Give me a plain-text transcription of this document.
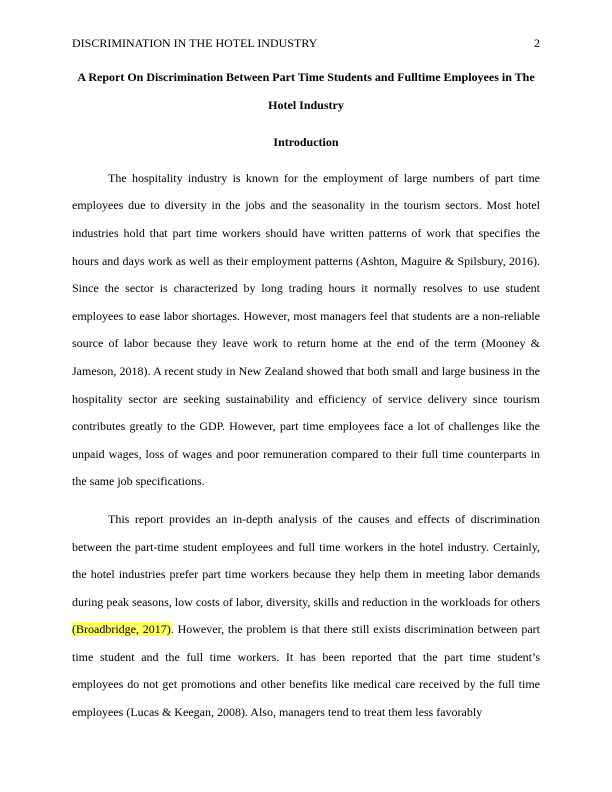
DISCRIMINATION IN THE HOTEL INDUSTRY	2

A Report On Discrimination Between Part Time Students and Fulltime Employees in The Hotel Industry

Introduction

The hospitality industry is known for the employment of large numbers of part time employees due to diversity in the jobs and the seasonality in the tourism sectors. Most hotel industries hold that part time workers should have written patterns of work that specifies the hours and days work as well as their employment patterns (Ashton, Maguire & Spilsbury, 2016). Since the sector is characterized by long trading hours it normally resolves to use student employees to ease labor shortages. However, most managers feel that students are a non-reliable source of labor because they leave work to return home at the end of the term (Mooney & Jameson, 2018). A recent study in New Zealand showed that both small and large business in the hospitality sector are seeking sustainability and efficiency of service delivery since tourism contributes greatly to the GDP. However, part time employees face a lot of challenges like the unpaid wages, loss of wages and poor remuneration compared to their full time counterparts in the same job specifications.

This report provides an in-depth analysis of the causes and effects of discrimination between the part-time student employees and full time workers in the hotel industry. Certainly, the hotel industries prefer part time workers because they help them in meeting labor demands during peak seasons, low costs of labor, diversity, skills and reduction in the workloads for others (Broadbridge, 2017). However, the problem is that there still exists discrimination between part time student and the full time workers. It has been reported that the part time student’s employees do not get promotions and other benefits like medical care received by the full time employees (Lucas & Keegan, 2008). Also, managers tend to treat them less favorably
